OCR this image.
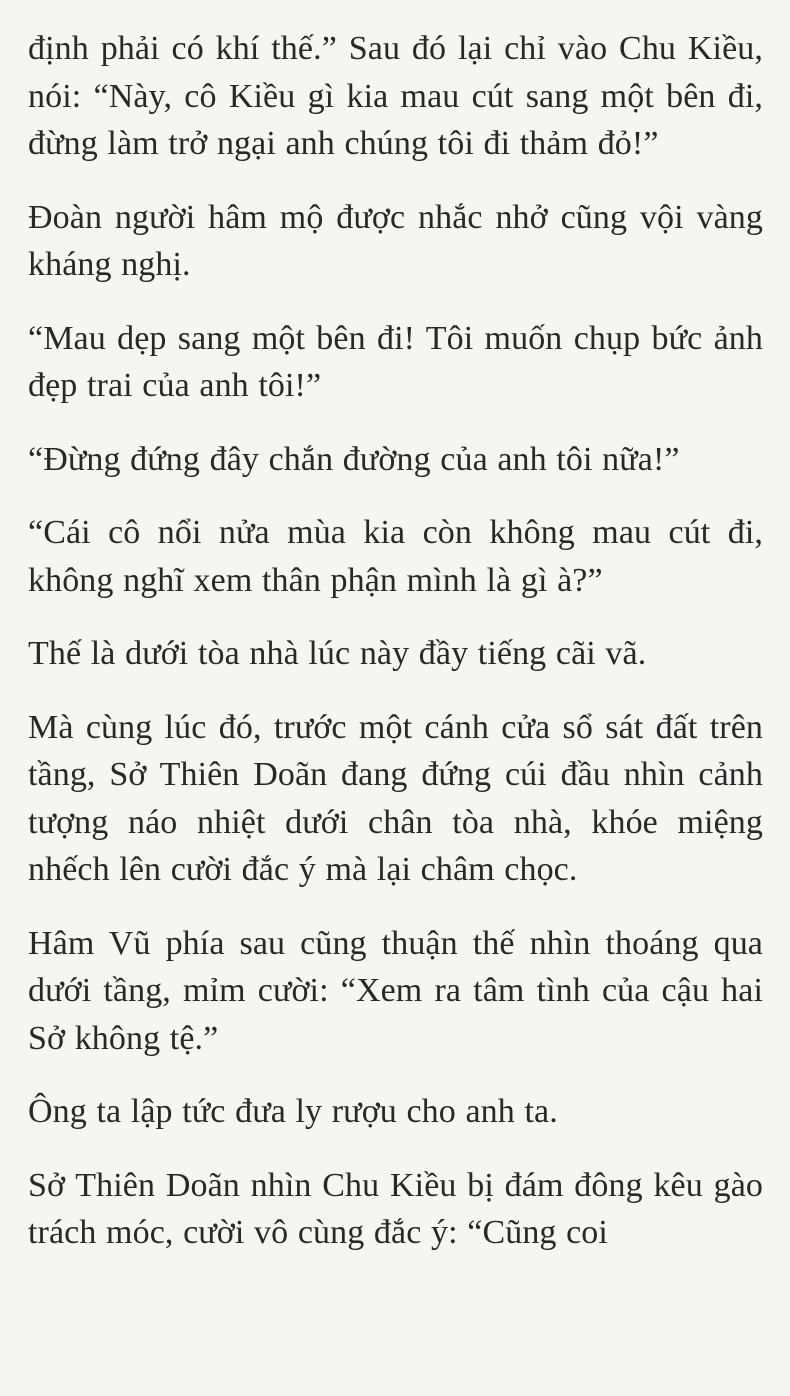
định phải có khí thế.” Sau đó lại chỉ vào Chu Kiều, nói: “Này, cô Kiều gì kia mau cút sang một bên đi, đừng làm trở ngại anh chúng tôi đi thảm đỏ!”

Đoàn người hâm mộ được nhắc nhở cũng vội vàng kháng nghị.

“Mau dẹp sang một bên đi! Tôi muốn chụp bức ảnh đẹp trai của anh tôi!”

“Đừng đứng đây chắn đường của anh tôi nữa!”

“Cái cô nổi nửa mùa kia còn không mau cút đi, không nghĩ xem thân phận mình là gì à?”

Thế là dưới tòa nhà lúc này đầy tiếng cãi vã.

Mà cùng lúc đó, trước một cánh cửa sổ sát đất trên tầng, Sở Thiên Doãn đang đứng cúi đầu nhìn cảnh tượng náo nhiệt dưới chân tòa nhà, khóe miệng nhếch lên cười đắc ý mà lại châm chọc.

Hâm Vũ phía sau cũng thuận thế nhìn thoáng qua dưới tầng, mỉm cười: “Xem ra tâm tình của cậu hai Sở không tệ.”

Ông ta lập tức đưa ly rượu cho anh ta.

Sở Thiên Doãn nhìn Chu Kiều bị đám đông kêu gào trách móc, cười vô cùng đắc ý: “Cũng coi
